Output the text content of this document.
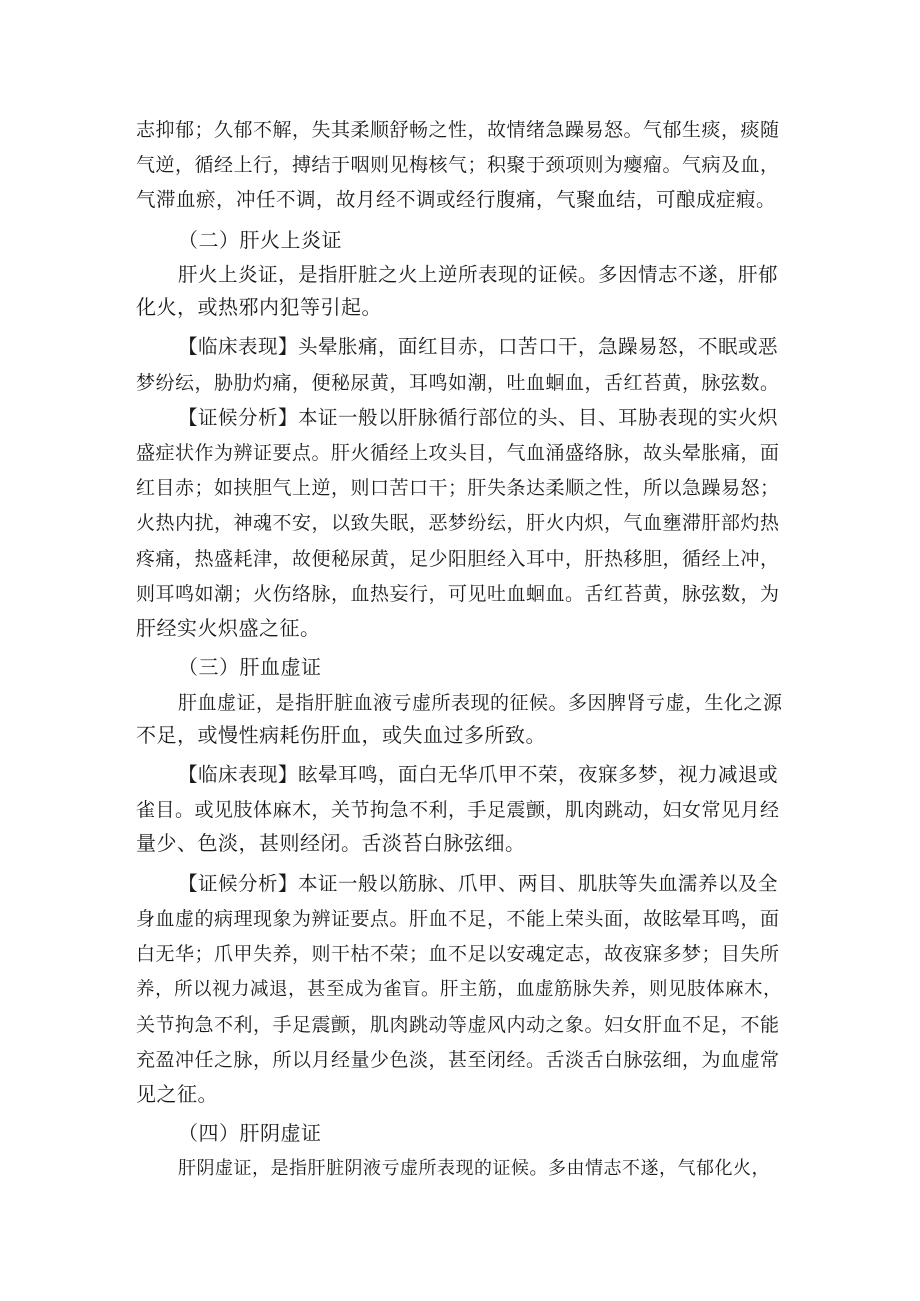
志抑郁；久郁不解，失其柔顺舒畅之性，故情绪急躁易怒。气郁生痰，痰随
气逆，循经上行，搏结于咽则见梅核气；积聚于颈项则为瘿瘤。气病及血，
气滞血瘀，冲任不调，故月经不调或经行腹痛，气聚血结，可酿成症瘕。
（二）肝火上炎证
肝火上炎证，是指肝脏之火上逆所表现的证候。多因情志不遂，肝郁
化火，或热邪内犯等引起。
【临床表现】头晕胀痛，面红目赤，口苦口干，急躁易怒，不眠或恶
梦纷纭，胁肋灼痛，便秘尿黄，耳鸣如潮，吐血蛔血，舌红苔黄，脉弦数。
【证候分析】本证一般以肝脉循行部位的头、目、耳胁表现的实火炽
盛症状作为辨证要点。肝火循经上攻头目，气血涌盛络脉，故头晕胀痛，面
红目赤；如挟胆气上逆，则口苦口干；肝失条达柔顺之性，所以急躁易怒；
火热内扰，神魂不安，以致失眠，恶梦纷纭，肝火内炽，气血壅滞肝部灼热
疼痛，热盛耗津，故便秘尿黄，足少阳胆经入耳中，肝热移胆，循经上冲，
则耳鸣如潮；火伤络脉，血热妄行，可见吐血蛔血。舌红苔黄，脉弦数，为
肝经实火炽盛之征。
（三）肝血虚证
肝血虚证，是指肝脏血液亏虚所表现的征候。多因脾肾亏虚，生化之源
不足，或慢性病耗伤肝血，或失血过多所致。
【临床表现】眩晕耳鸣，面白无华爪甲不荣，夜寐多梦，视力减退或
雀目。或见肢体麻木，关节拘急不利，手足震颤，肌肉跳动，妇女常见月经
量少、色淡，甚则经闭。舌淡苔白脉弦细。
【证候分析】本证一般以筋脉、爪甲、两目、肌肤等失血濡养以及全
身血虚的病理现象为辨证要点。肝血不足，不能上荣头面，故眩晕耳鸣，面
白无华；爪甲失养，则干枯不荣；血不足以安魂定志，故夜寐多梦；目失所
养，所以视力减退，甚至成为雀盲。肝主筋，血虚筋脉失养，则见肢体麻木，
关节拘急不利，手足震颤，肌肉跳动等虚风内动之象。妇女肝血不足，不能
充盈冲任之脉，所以月经量少色淡，甚至闭经。舌淡舌白脉弦细，为血虚常
见之征。
（四）肝阴虚证
肝阴虚证，是指肝脏阴液亏虚所表现的证候。多由情志不遂，气郁化火，
